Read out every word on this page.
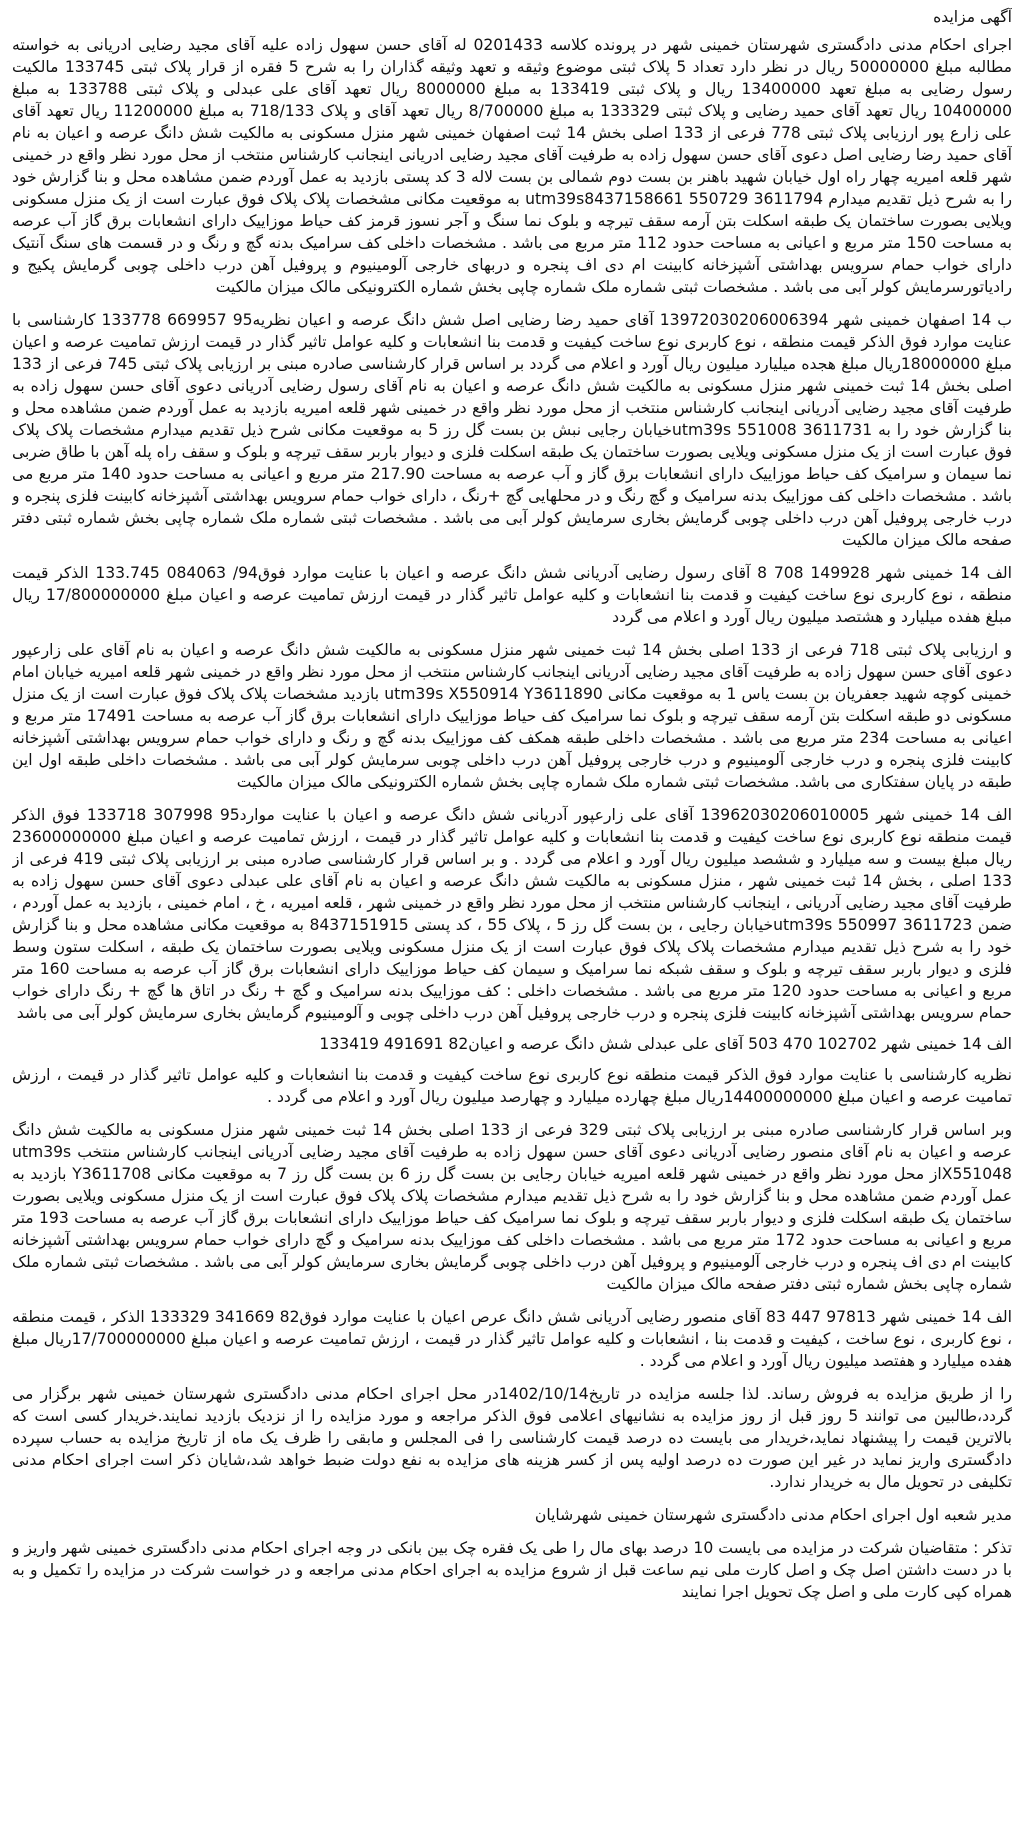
آگهی مزایده

اجرای احکام مدنی دادگستری شهرستان خمینی شهر در پرونده کلاسه 0201433 له آقای حسن سهول زاده علیه آقای مجید رضایی ادریانی به خواسته مطالبه مبلغ 50000000 ریال در نظر دارد تعداد 5 پلاک ثبتی موضوع وثیقه و تعهد وثیقه گذاران را به شرح 5 فقره از قرار پلاک ثبتی 133745 مالکیت رسول رضایی به مبلغ تعهد 13400000 ریال و پلاک ثبتی 133419 به مبلغ 8000000 ریال تعهد آقای علی عبدلی و پلاک ثبتی 133788 به مبلغ 10400000 ریال تعهد آقای حمید رضایی و پلاک ثبتی 133329 به مبلغ 8/700000 ریال تعهد آقای و پلاک 718/133 به مبلغ 11200000 ریال تعهد آقای علی زارع پور ارزیابی پلاک ثبتی 778 فرعی از 133 اصلی بخش 14 ثبت اصفهان خمینی شهر منزل مسکونی به مالکیت شش دانگ عرصه و اعیان به نام آقای حمید رضا رضایی اصل دعوی آقای حسن سهول زاده به طرفیت آقای مجید رضایی ادریانی اینجانب کارشناس منتخب از محل مورد نظر واقع در خمینی شهر قلعه امیریه چهار راه اول خیابان شهید باهنر بن بست دوم شمالی بن بست لاله 3 کد پستی بازدید به عمل آوردم ضمن مشاهده محل و بنا گزارش خود را به شرح ذیل تقدیم میدارم 3611794 550729 utm39s8437158661 به موقعیت مکانی مشخصات پلاک پلاک فوق عبارت است از یک منزل مسکونی ویلایی بصورت ساختمان یک طبقه اسکلت بتن آرمه سقف تیرچه و بلوک نما سنگ و آجر نسوز قرمز کف حیاط موزاییک دارای انشعابات برق گاز آب عرصه به مساحت 150 متر مربع و اعیانی به مساحت حدود 112 متر مربع می باشد . مشخصات داخلی کف سرامیک بدنه گچ و رنگ و در قسمت های سنگ آنتیک دارای خواب حمام سرویس بهداشتی آشپزخانه کابینت ام دی اف پنجره و دربهای خارجی آلومینیوم و پروفیل آهن درب داخلی چوبی گرمایش پکیج و رادیاتورسرمایش کولر آبی می باشد . مشخصات ثبتی شماره ملک شماره چاپی بخش شماره الکترونیکی مالک میزان مالکیت

ب 14 اصفهان خمینی شهر 13972030206006394 آقای حمید رضا رضایی اصل شش دانگ عرصه و اعیان نظریه95 669957 133778 کارشناسی با عنایت موارد فوق الذکر قیمت منطقه ، نوع کاربری نوع ساخت کیفیت و قدمت بنا انشعابات و کلیه عوامل تاثیر گذار در قیمت ارزش تمامیت عرصه و اعیان مبلغ 18000000ریال مبلغ هجده میلیارد میلیون ریال آورد و اعلام می گردد بر اساس قرار کارشناسی صادره مبنی بر ارزیابی پلاک ثبتی 745 فرعی از 133 اصلی بخش 14 ثبت خمینی شهر منزل مسکونی به مالکیت شش دانگ عرصه و اعیان به نام آقای رسول رضایی آدریانی دعوی آقای حسن سهول زاده به طرفیت آقای مجید رضایی آدریانی اینجانب کارشناس منتخب از محل مورد نظر واقع در خمینی شهر قلعه امیریه بازدید به عمل آوردم ضمن مشاهده محل و بنا گزارش خود را به 3611731 551008 utm39sخیابان رجایی نبش بن بست گل رز 5 به موقعیت مکانی شرح ذیل تقدیم میدارم مشخصات پلاک پلاک فوق عبارت است از یک منزل مسکونی ویلایی بصورت ساختمان یک طبقه اسکلت فلزی و دیوار باربر سقف تیرچه و بلوک و سقف راه پله آهن با طاق ضربی نما سیمان و سرامیک کف حیاط موزاییک دارای انشعابات برق گاز و آب عرصه به مساحت 217.90 متر مربع و اعیانی به مساحت حدود 140 متر مربع می باشد . مشخصات داخلی کف موزاییک بدنه سرامیک و گچ رنگ و در محلهایی گچ +رنگ ، دارای خواب حمام سرویس بهداشتی آشپزخانه کابینت فلزی پنجره و درب خارجی پروفیل آهن درب داخلی چوبی گرمایش بخاری سرمایش کولر آبی می باشد . مشخصات ثبتی شماره ملک شماره چاپی بخش شماره ثبتی دفتر صفحه مالک میزان مالکیت

الف 14 خمینی شهر 149928 708 8 آقای رسول رضایی آدریانی شش دانگ عرصه و اعیان با عنایت موارد فوق94/ 084063 133.745 الذکر قیمت منطقه ، نوع کاربری نوع ساخت کیفیت و قدمت بنا انشعابات و کلیه عوامل تاثیر گذار در قیمت ارزش تمامیت عرصه و اعیان مبلغ 17/800000000 ریال مبلغ هفده میلیارد و هشتصد میلیون ریال آورد و اعلام می گردد

و ارزیابی پلاک ثبتی 718 فرعی از 133 اصلی بخش 14 ثبت خمینی شهر منزل مسکونی به مالکیت شش دانگ عرصه و اعیان به نام آقای علی زارعپور دعوی آقای حسن سهول زاده به طرفیت آقای مجید رضایی آدریانی اینجانب کارشناس منتخب از محل مورد نظر واقع در خمینی شهر قلعه امیریه خیابان امام خمینی کوچه شهید جعفریان بن بست یاس 1 به موقعیت مکانی utm39s X550914 Y3611890 بازدید مشخصات پلاک پلاک فوق عبارت است از یک منزل مسکونی دو طبقه اسکلت بتن آرمه سقف تیرچه و بلوک نما سرامیک کف حیاط موزاییک دارای انشعابات برق گاز آب عرصه به مساحت 17491 متر مربع و اعیانی به مساحت 234 متر مربع می باشد . مشخصات داخلی طبقه همکف کف موزاییک بدنه گچ و رنگ و دارای خواب حمام سرویس بهداشتی آشپزخانه کابینت فلزی پنجره و درب خارجی آلومینیوم و درب خارجی پروفیل آهن درب داخلی چوبی سرمایش کولر آبی می باشد . مشخصات داخلی طبقه اول این طبقه در پایان سفتکاری می باشد. مشخصات ثبتی شماره ملک شماره چاپی بخش شماره الکترونیکی مالک میزان مالکیت

الف 14 خمینی شهر 13962030206010005 آقای علی زارعپور آدریانی شش دانگ عرصه و اعیان با عنایت موارد95 307998 133718 فوق الذکر قیمت منطقه نوع کاربری نوع ساخت کیفیت و قدمت بنا انشعابات و کلیه عوامل تاثیر گذار در قیمت ، ارزش تمامیت عرصه و اعیان مبلغ 23600000000 ریال مبلغ بیست و سه میلیارد و ششصد میلیون ریال آورد و اعلام می گردد . و بر اساس قرار کارشناسی صادره مبنی بر ارزیابی پلاک ثبتی 419 فرعی از 133 اصلی ، بخش 14 ثبت خمینی شهر ، منزل مسکونی به مالکیت شش دانگ عرصه و اعیان به نام آقای علی عبدلی دعوی آقای حسن سهول زاده به طرفیت آقای مجید رضایی آدریانی ، اینجانب کارشناس منتخب از محل مورد نظر واقع در خمینی شهر ، قلعه امیریه ، خ ، امام خمینی ، بازدید به عمل آوردم ، ضمن 3611723 550997 utm39sخیابان رجایی ، بن بست گل رز 5 ، پلاک 55 ، کد پستی 8437151915 به موقعیت مکانی مشاهده محل و بنا گزارش خود را به شرح ذیل تقدیم میدارم مشخصات پلاک پلاک فوق عبارت است از یک منزل مسکونی ویلایی بصورت ساختمان یک طبقه ، اسکلت ستون وسط فلزی و دیوار باربر سقف تیرچه و بلوک و سقف شبکه نما سرامیک و سیمان کف حیاط موزاییک دارای انشعابات برق گاز آب عرصه به مساحت 160 متر مربع و اعیانی به مساحت حدود 120 متر مربع می باشد . مشخصات داخلی : کف موزاییک بدنه سرامیک و گچ + رنگ در اتاق ها گچ + رنگ دارای خواب حمام سرویس بهداشتی آشپزخانه کابینت فلزی پنجره و درب خارجی پروفیل آهن درب داخلی چوبی و آلومینیوم گرمایش بخاری سرمایش کولر آبی می باشد

الف 14 خمینی شهر 102702 470 503 آقای علی عبدلی شش دانگ عرصه و اعیان82 491691 133419

نظریه کارشناسی با عنایت موارد فوق الذکر قیمت منطقه نوع کاربری نوع ساخت کیفیت و قدمت بنا انشعابات و کلیه عوامل تاثیر گذار در قیمت ، ارزش تمامیت عرصه و اعیان مبلغ 14400000000ریال مبلغ چهارده میلیارد و چهارصد میلیون ریال آورد و اعلام می گردد .

وبر اساس قرار کارشناسی صادره مبنی بر ارزیابی پلاک ثبتی 329 فرعی از 133 اصلی بخش 14 ثبت خمینی شهر منزل مسکونی به مالکیت شش دانگ عرصه و اعیان به نام آقای منصور رضایی آدریانی دعوی آقای حسن سهول زاده به طرفیت آقای مجید رضایی آدریانی اینجانب کارشناس منتخب utm39s X551048از محل مورد نظر واقع در خمینی شهر قلعه امیریه خیابان رجایی بن بست گل رز 6 بن بست گل رز 7 به موقعیت مکانی Y3611708 بازدید به عمل آوردم ضمن مشاهده محل و بنا گزارش خود را به شرح ذیل تقدیم میدارم مشخصات پلاک پلاک فوق عبارت است از یک منزل مسکونی ویلایی بصورت ساختمان یک طبقه اسکلت فلزی و دیوار باربر سقف تیرچه و بلوک نما سرامیک کف حیاط موزاییک دارای انشعابات برق گاز آب عرصه به مساحت 193 متر مربع و اعیانی به مساحت حدود 172 متر مربع می باشد . مشخصات داخلی کف موزاییک بدنه سرامیک و گچ دارای خواب حمام سرویس بهداشتی آشپزخانه کابینت ام دی اف پنجره و درب خارجی آلومینیوم و پروفیل آهن درب داخلی چوبی گرمایش بخاری سرمایش کولر آبی می باشد . مشخصات ثبتی شماره ملک شماره چاپی بخش شماره ثبتی دفتر صفحه مالک میزان مالکیت

الف 14 خمینی شهر 97813 447 83 آقای منصور رضایی آدریانی شش دانگ عرص اعیان با عنایت موارد فوق82 341669 133329 الذکر ، قیمت منطقه ، نوع کاربری ، نوع ساخت ، کیفیت و قدمت بنا ، انشعابات و کلیه عوامل تاثیر گذار در قیمت ، ارزش تمامیت عرصه و اعیان مبلغ 17/700000000ریال مبلغ هفده میلیارد و هفتصد میلیون ریال آورد و اعلام می گردد .

را از طریق مزایده به فروش رساند. لذا جلسه مزایده در تاریخ1402/10/14در محل اجرای احکام مدنی دادگستری شهرستان خمینی شهر برگزار می گردد،طالبین می توانند 5 روز قبل از روز مزایده به نشانیهای اعلامی فوق الذکر مراجعه و مورد مزایده را از نزدیک بازدید نمایند.خریدار کسی است که بالاترین قیمت را پیشنهاد نماید،خریدار می بایست ده درصد قیمت کارشناسی را فی المجلس و مابقی را ظرف یک ماه از تاریخ مزایده به حساب سپرده دادگستری واریز نماید در غیر این صورت ده درصد اولیه پس از کسر هزینه های مزایده به نفع دولت ضبط خواهد شد،شایان ذکر است اجرای احکام مدنی تکلیفی در تحویل مال به خریدار ندارد.

مدیر شعبه اول اجرای احکام مدنی دادگستری شهرستان خمینی شهرشایان

تذکر : متقاضیان شرکت در مزایده می بایست 10 درصد بهای مال را طی یک فقره چک بین بانکی در وجه اجرای احکام مدنی دادگستری خمینی شهر واریز و با در دست داشتن اصل چک و اصل کارت ملی نیم ساعت قبل از شروع مزایده به اجرای احکام مدنی مراجعه و در خواست شرکت در مزایده را تکمیل و به همراه کپی کارت ملی و اصل چک تحویل اجرا نمایند
